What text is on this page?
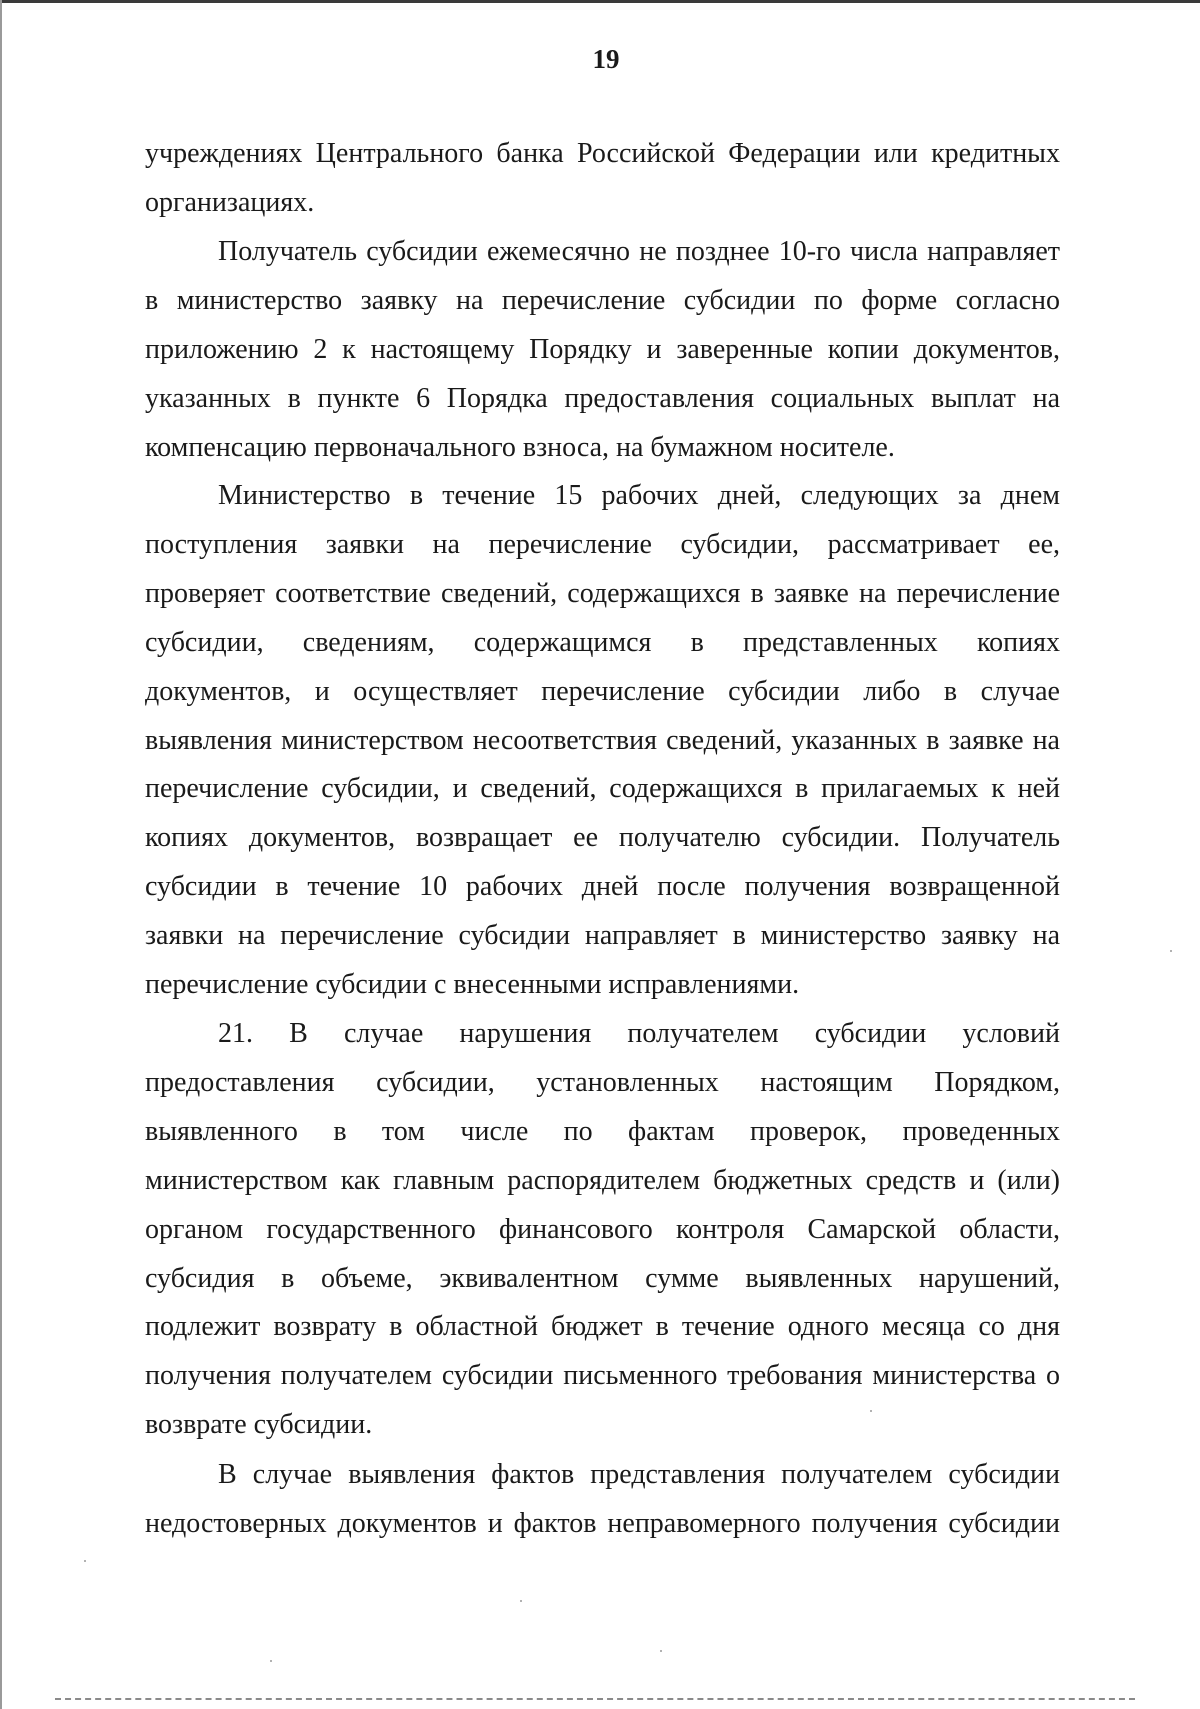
19
учреждениях Центрального банка Российской Федерации или кредитных
организациях.
Получатель субсидии ежемесячно не позднее 10-го числа направляет
в министерство заявку на перечисление субсидии по форме согласно
приложению 2 к настоящему Порядку и заверенные копии документов,
указанных в пункте 6 Порядка предоставления социальных выплат на
компенсацию первоначального взноса, на бумажном носителе.
Министерство в течение 15 рабочих дней, следующих за днем
поступления заявки на перечисление субсидии, рассматривает ее,
проверяет соответствие сведений, содержащихся в заявке на перечисление
субсидии, сведениям, содержащимся в представленных копиях
документов, и осуществляет перечисление субсидии либо в случае
выявления министерством несоответствия сведений, указанных в заявке на
перечисление субсидии, и сведений, содержащихся в прилагаемых к ней
копиях документов, возвращает ее получателю субсидии. Получатель
субсидии в течение 10 рабочих дней после получения возвращенной
заявки на перечисление субсидии направляет в министерство заявку на
перечисление субсидии с внесенными исправлениями.
21. В случае нарушения получателем субсидии условий
предоставления субсидии, установленных настоящим Порядком,
выявленного в том числе по фактам проверок, проведенных
министерством как главным распорядителем бюджетных средств и (или)
органом государственного финансового контроля Самарской области,
субсидия в объеме, эквивалентном сумме выявленных нарушений,
подлежит возврату в областной бюджет в течение одного месяца со дня
получения получателем субсидии письменного требования министерства о
возврате субсидии.
В случае выявления фактов представления получателем субсидии
недостоверных документов и фактов неправомерного получения субсидии
